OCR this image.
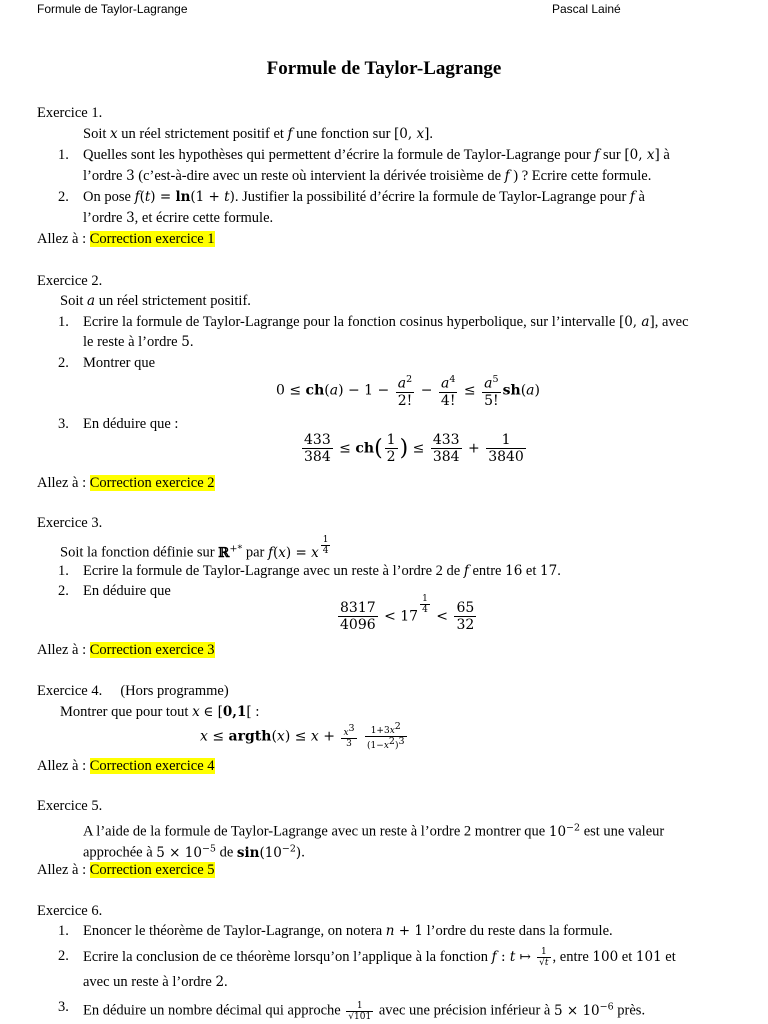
Formule de Taylor-Lagrange	Pascal Lainé
Formule de Taylor-Lagrange
Exercice 1.
Soit x un réel strictement positif et f une fonction sur [0, x].
1. Quelles sont les hypothèses qui permettent d’écrire la formule de Taylor-Lagrange pour f sur [0, x] à
l’ordre 3 (c’est-à-dire avec un reste où intervient la dérivée troisième de f ) ? Ecrire cette formule.
2. On pose f(t) = ln(1 + t). Justifier la possibilité d’écrire la formule de Taylor-Lagrange pour f à
l’ordre 3, et écrire cette formule.
Allez à : Correction exercice 1
Exercice 2.
Soit a un réel strictement positif.
1. Ecrire la formule de Taylor-Lagrange pour la fonction cosinus hyperbolique, sur l’intervalle [0, a], avec
le reste à l’ordre 5.
2. Montrer que
$0 \le ch(a) - 1 - \frac{a^2}{2!} - \frac{a^4}{4!} \le \frac{a^5}{5!} sh(a)$
3. En déduire que :
$\frac{433}{384} \le ch( \frac{1}{2}$ ) ≤ $\frac{433}{384} + \frac{1}{3840}$
Allez à : Correction exercice 2
Exercice 3.
Soit la fonction définie sur ℝ+* par f(x) = x $^{\frac{1}{4}}$
1. Ecrire la formule de Taylor-Lagrange avec un reste à l’ordre 2 de f entre 16 et 17.
2. En déduire que
$\frac{8317}{4096} < 17$
$^{\frac{1}{4}}$
< $\frac{65}{32}$
Allez à : Correction exercice 3
Exercice 4. (Hors programme)
Montrer que pour tout x ∈ [0,1[ :
x ≤ argth(x) ≤ $x + \frac{x^3}{3}$
$\frac{1+3x^2}{(1-x^2)^3}$
Allez à : Correction exercice 4
Exercice 5.
A l’aide de la formule de Taylor-Lagrange avec un reste à l’ordre 2 montrer que $10^{-2}$ est une valeur
approchée à $5 \times 10^{-5}$ de $\sin(10^{-2})$.
Allez à : Correction exercice 5
Exercice 6.
1. Enoncer le théorème de Taylor-Lagrange, on notera n + 1 l’ordre du reste dans la formule.
2. Ecrire la conclusion de ce théorème lorsqu’on l’applique à la fonction f : t ↦ $\frac{1}{√t}$ , entre 100 et 101 et
avec un reste à l’ordre 2.
3. En déduire un nombre décimal qui approche $\frac{1}{√101}$ avec une précision inférieur à $5 \times 10^{-6}$ près.
